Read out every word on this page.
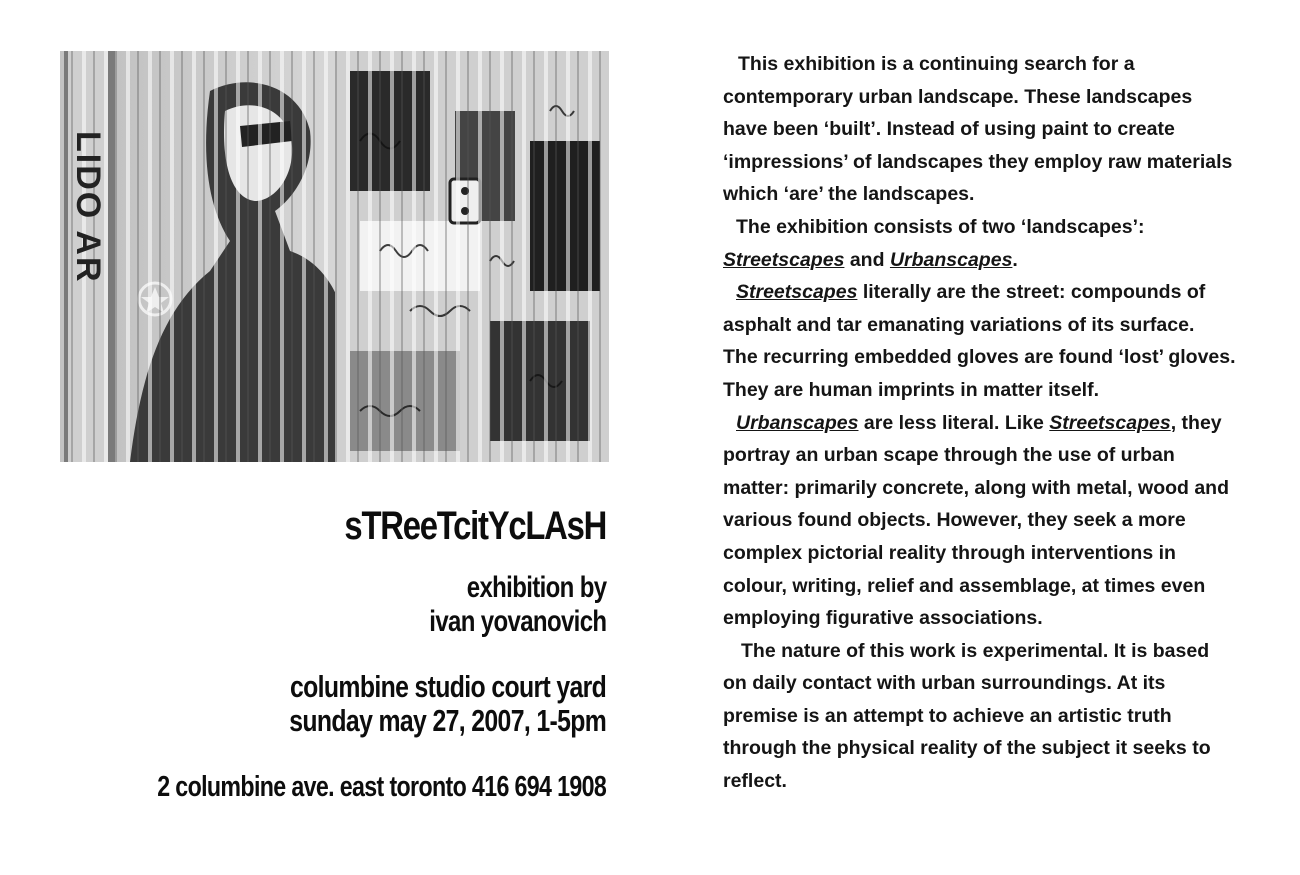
LIDO AR
sTReeTcitYcLAsH
exhibition by
ivan yovanovich
columbine studio court yard
sunday may 27, 2007, 1-5pm
2 columbine ave. east toronto 416 694 1908

This exhibition is a continuing search for a
contemporary urban landscape. These landscapes
have been ‘built’. Instead of using paint to create
‘impressions’ of landscapes they employ raw materials
which ‘are’ the landscapes.

The exhibition consists of two ‘landscapes’:
Streetscapes and Urbanscapes.

Streetscapes literally are the street: compounds of
asphalt and tar emanating variations of its surface.
The recurring embedded gloves are found ‘lost’ gloves.
They are human imprints in matter itself.

Urbanscapes are less literal. Like Streetscapes, they
portray an urban scape through the use of urban
matter: primarily concrete, along with metal, wood and
various found objects. However, they seek a more
complex pictorial reality through interventions in
colour, writing, relief and assemblage, at times even
employing figurative associations.

The nature of this work is experimental. It is based
on daily contact with urban surroundings. At its
premise is an attempt to achieve an artistic truth
through the physical reality of the subject it seeks to
reflect.
